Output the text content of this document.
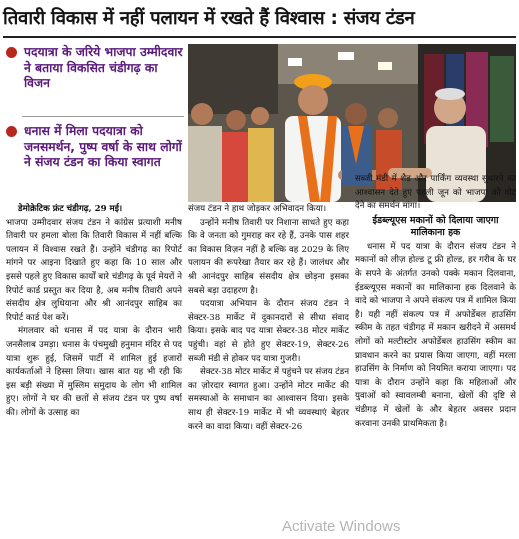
तिवारी विकास में नहीं पलायन में रखते हैं विश्वास : संजय टंडन
पदयात्रा के जरिये भाजपा उम्मीदवार ने बताया विकसित चंडीगढ़ का विजन
धनास में मिला पदयात्रा को जनसमर्थन, पुष्प वर्षा के साथ लोगों ने संजय टंडन का किया स्वागत

डेमोक्रेटिक फ्रंट चंडीगढ़, 29 मई।

भाजपा उम्मीदवार संजय टंडन ने कांग्रेस प्रत्याशी मनीष तिवारी पर हमला बोला कि तिवारी विकास में नहीं बल्कि पलायन में विश्वास रखते हैं। उन्होंने चंडीगढ़ का रिपोर्ट मांगने पर आइना दिखाते हुए कहा कि 10 साल और इससे पहले हुए विकास कार्यों बारे चंडीगढ़ के पूर्व मेयरों ने रिपोर्ट कार्ड प्रस्तुत कर दिया है, अब मनीष तिवारी अपने संसदीय क्षेत्र लुधियाना और श्री आनंदपुर साहिब का रिपोर्ट कार्ड पेश करें।

मंगलवार को धनास में पद यात्रा के दौरान भारी जनसैलाब उमड़ा। धनास के पंचमुखी हनुमान मंदिर से पद यात्रा शुरू हुई, जिसमें पार्टी में शामिल हुई हजारों कार्यकर्ताओं ने हिस्सा लिया। खास बात यह भी रही कि इस बड़ी संख्या में मुस्लिम समुदाय के लोग भी शामिल हुए। लोगों ने घर की छतों से संजय टंडन पर पुष्प वर्षा की। लोगों के उत्साह का

संजय टंडन ने हाथ जोड़कर अभिवादन किया।

उन्होंने मनीष तिवारी पर निशाना साधते हुए कहा कि वे जनता को गुमराह कर रहे हैं, उनके पास शहर का विकास विज़न नहीं है बल्कि वह 2029 के लिए पलायन की रूपरेखा तैयार कर रहे हैं। जालंधर और श्री आनंदपुर साहिब संसदीय क्षेत्र छोड़ना इसका सबसे बड़ा उदाहरण है।

पदयात्रा अभियान के दौरान संजय टंडन ने सेक्टर-38 मार्केट में दुकानदारों से सीधा संवाद किया। इसके बाद पद यात्रा सेक्टर-38 मोटर मार्केट पहुंची। वहां से होते हुए सेक्टर-19, सेक्टर-26 सब्जी मंडी से होकर पद यात्रा गुजरी।

सेक्टर-38 मोटर मार्केट में पहुंचने पर संजय टंडन का ज़ोरदार स्वागत हुआ। उन्होंने मोटर मार्केट की समस्याओं के समाधान का आश्वासन दिया। इसके साथ ही सेक्टर-19 मार्केट में भी व्यवस्थाएं बेहतर करने का वादा किया। वहीं सेक्टर-26

सब्जी मंडी में शैड और पार्किंग व्यवस्था सुधारने का आश्वासन देते हुए पहली जून को भाजपा को वोट देने का समर्थन मांगा।

ईडब्ल्यूएस मकानों को दिलाया जाएगा मालिकाना हक

धनास में पद यात्रा के दौरान संजय टंडन ने मकानों को लीज़ होल्ड टू फ्री होल्ड, हर गरीब के घर के सपने के अंतर्गत उनको पक्के मकान दिलवाना, ईडब्ल्यूएस मकानों का मालिकाना हक दिलवाने के वादे को भाजपा ने अपने संकल्प पत्र में शामिल किया है। यही नहीं संकल्प पत्र में अफोर्डेबल हाउसिंग स्कीम के तहत चंडीगढ़ में मकान खरीदने में असमर्थ लोगों को मल्टीस्टोर अफोर्डेबल हाउसिंग स्कीम का प्रावधान करने का प्रयास किया जाएगा, वहीं मरला हाउसिंग के निर्माण को नियमित कराया जाएगा। पद यात्रा के दौरान उन्होंने कहा कि महिलाओं और युवाओं को स्वावलम्बी बनाना, खेलों की दृष्टि से चंडीगढ़ में खेलों के और बेहतर अवसर प्रदान करवाना उनकी प्राथमिकता है।

Activate Windows
